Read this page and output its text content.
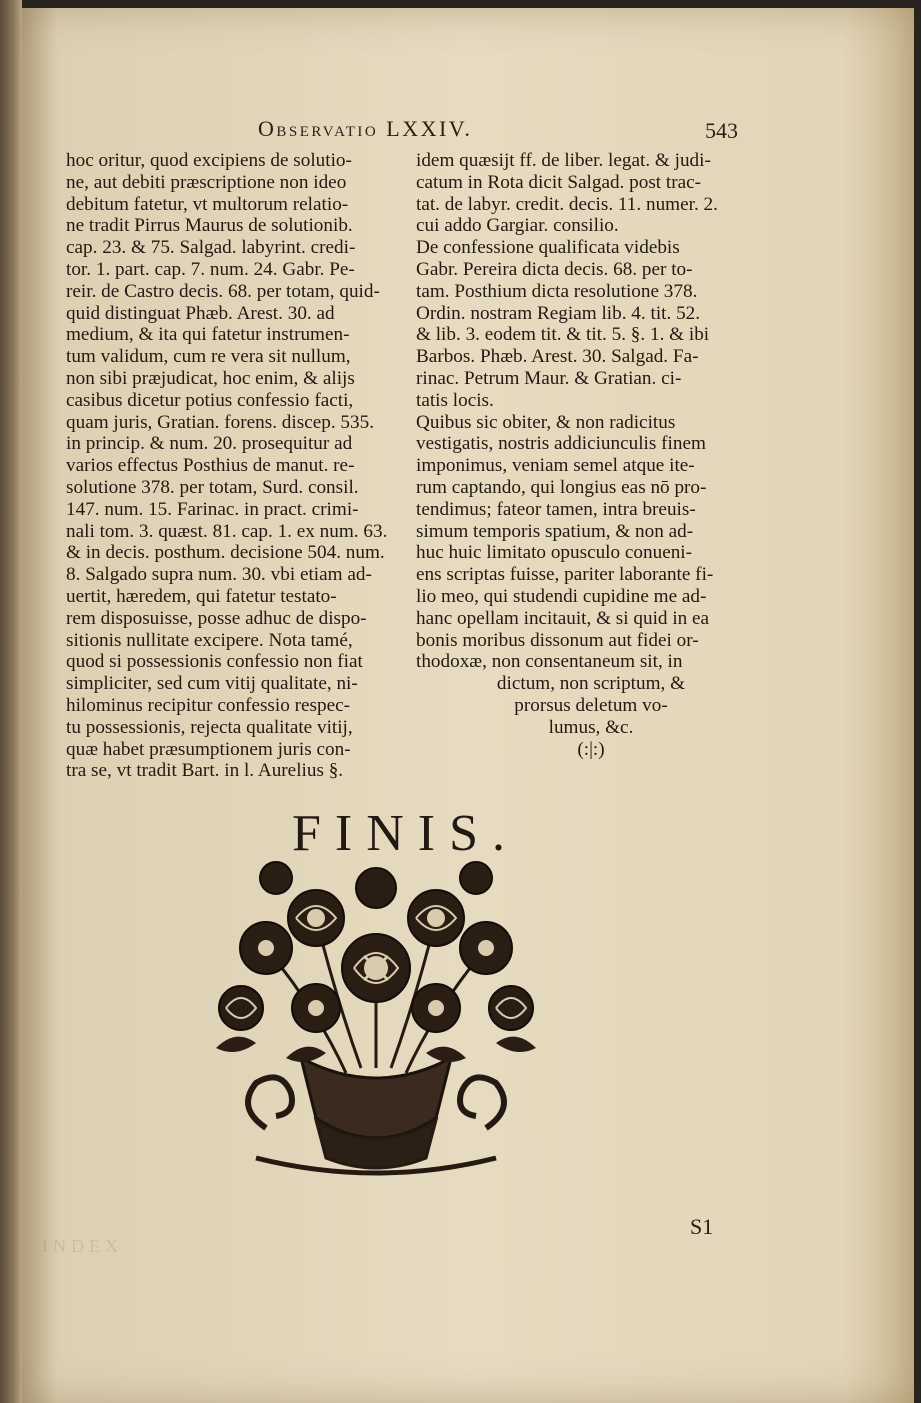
Observatio LXXIV.	543
hoc oritur, quod excipiens de solutio-
ne, aut debiti præscriptione non ideo
debitum fatetur, vt multorum relatio-
ne tradit Pirrus Maurus de solutionib.
cap. 23. & 75. Salgad. labyrint. credi-
tor. 1. part. cap. 7. num. 24. Gabr. Pe-
reir. de Castro decis. 68. per totam, quid-
quid distinguat Phæb. Arest. 30. ad
medium, & ita qui fatetur instrumen-
tum validum, cum re vera sit nullum,
non sibi præjudicat, hoc enim, & alijs
casibus dicetur potius confessio facti,
quam juris, Gratian. forens. discep. 535.
in princip. & num. 20. prosequitur ad
varios effectus Posthius de manut. re-
solutione 378. per totam, Surd. consil.
147. num. 15. Farinac. in pract. crimi-
nali tom. 3. quæst. 81. cap. 1. ex num. 63.
& in decis. posthum. decisione 504. num.
8. Salgado supra num. 30. vbi etiam ad-
uertit, hæredem, qui fatetur testato-
rem disposuisse, posse adhuc de dispo-
sitionis nullitate excipere. Nota tamé,
quod si possessionis confessio non fiat
simpliciter, sed cum vitij qualitate, ni-
hilominus recipitur confessio respec-
tu possessionis, rejecta qualitate vitij,
quæ habet præsumptionem juris con-
tra se, vt tradit Bart. in l. Aurelius §.
idem quæsijt ff. de liber. legat. & judi-
catum in Rota dicit Salgad. post trac-
tat. de labyr. credit. decis. 11. numer. 2.
cui addo Gargiar. consilio.
De confessione qualificata videbis
Gabr. Pereira dicta decis. 68. per to-
tam. Posthium dicta resolutione 378.
Ordin. nostram Regiam lib. 4. tit. 52.
& lib. 3. eodem tit. & tit. 5. §. 1. & ibi
Barbos. Phæb. Arest. 30. Salgad. Fa-
rinac. Petrum Maur. & Gratian. ci-
tatis locis.
Quibus sic obiter, & non radicitus
vestigatis, nostris addiciunculis finem
imponimus, veniam semel atque ite-
rum captando, qui longius eas nō pro-
tendimus; fateor tamen, intra breuis-
simum temporis spatium, & non ad-
huc huic limitato opusculo conueni-
ens scriptas fuisse, pariter laborante fi-
lio meo, qui studendi cupidine me ad-
hanc opellam incitauit, & si quid in ea
bonis moribus dissonum aut fidei or-
thodoxæ, non consentaneum sit, in
dictum, non scriptum, &
prorsus deletum vo-
lumus, &c.
(:|:)
FINIS.
S1
INDEX
